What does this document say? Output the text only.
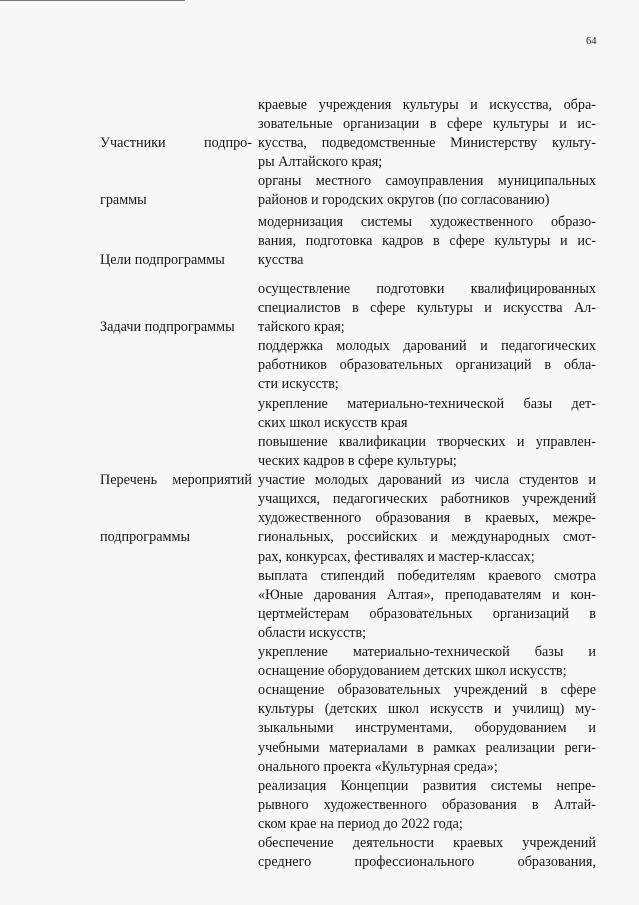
64

Участники        подпро-

граммы

краевые учреждения культуры и искусства, обра-
зовательные организации в сфере культуры и ис-
кусства, подведомственные Министерству культу-
ры Алтайского края;
органы местного самоуправления муниципальных
районов и городских округов (по согласованию)

Цели подпрограммы

модернизация системы художественного образо-
вания, подготовка кадров в сфере культуры и ис-
кусства

Задачи подпрограммы

осуществление подготовки квалифицированных
специалистов в сфере культуры и искусства Ал-
тайского края;
поддержка молодых дарований и педагогических
работников образовательных организаций в обла-
сти искусств;
укрепление материально-технической базы дет-
ских школ искусств края

Перечень мероприятий

подпрограммы

повышение квалификации творческих и управлен-
ческих кадров в сфере культуры;
участие молодых дарований из числа студентов и
учащихся, педагогических работников учреждений
художественного образования в краевых, межре-
гиональных, российских и международных смот-
рах, конкурсах, фестивалях и мастер-классах;
выплата стипендий победителям краевого смотра
«Юные дарования Алтая», преподавателям и кон-
цертмейстерам образовательных организаций в
области искусств;
укрепление материально-технической базы и
оснащение оборудованием детских школ искусств;
оснащение образовательных учреждений в сфере
культуры (детских школ искусств и училищ) му-
зыкальными инструментами, оборудованием и
учебными материалами в рамках реализации реги-
онального проекта «Культурная среда»;
реализация Концепции развития системы непре-
рывного художественного образования в Алтай-
ском крае на период до 2022 года;
обеспечение деятельности краевых учреждений
среднего профессионального образования,
